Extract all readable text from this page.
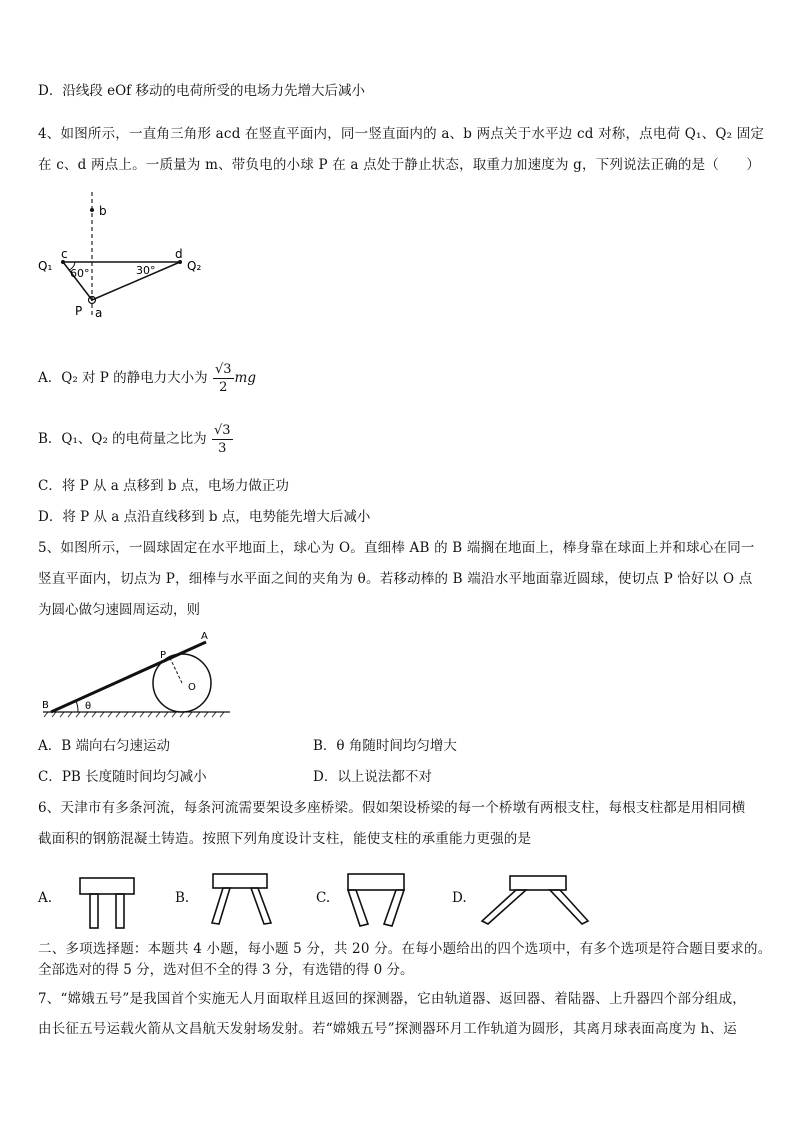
D．沿线段 eOf 移动的电荷所受的电场力先增大后减小
4、如图所示，一直角三角形 acd 在竖直平面内，同一竖直面内的 a、b 两点关于水平边 cd 对称，点电荷 Q₁、Q₂ 固定
在 c、d 两点上。一质量为 m、带负电的小球 P 在 a 点处于静止状态，取重力加速度为 g，下列说法正确的是（　　）
b
c	d
Q₁	Q₂
60°	30°
P a
A．Q₂ 对 P 的静电力大小为 $\frac{√3}{2}$ mg
B．Q₁、Q₂ 的电荷量之比为 $\frac{√3}{3}$
C．将 P 从 a 点移到 b 点，电场力做正功
D．将 P 从 a 点沿直线移到 b 点，电势能先增大后减小
5、如图所示，一圆球固定在水平地面上，球心为 O。直细棒 AB 的 B 端搁在地面上，棒身靠在球面上并和球心在同一
竖直平面内，切点为 P，细棒与水平面之间的夹角为 θ。若移动棒的 B 端沿水平地面靠近圆球，使切点 P 恰好以 O 点
为圆心做匀速圆周运动，则
θ
A
P
O
B
A．B 端向右匀速运动	B．θ 角随时间均匀增大
C．PB 长度随时间均匀减小	D．以上说法都不对
6、天津市有多条河流，每条河流需要架设多座桥梁。假如架设桥梁的每一个桥墩有两根支柱，每根支柱都是用相同横
截面积的钢筋混凝土铸造。按照下列角度设计支柱，能使支柱的承重能力更强的是
A.	B.	C.	D.
二、多项选择题：本题共 4 小题，每小题 5 分，共 20 分。在每小题给出的四个选项中，有多个选项是符合题目要求的。
全部选对的得 5 分，选对但不全的得 3 分，有选错的得 0 分。
7、“嫦娥五号”是我国首个实施无人月面取样且返回的探测器，它由轨道器、返回器、着陆器、上升器四个部分组成，
由长征五号运载火箭从文昌航天发射场发射。若“嫦娥五号”探测器环月工作轨道为圆形，其离月球表面高度为 h、运
